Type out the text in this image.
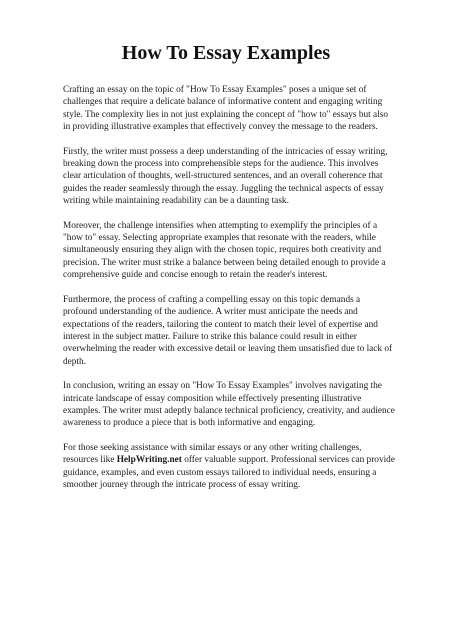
How To Essay Examples

Crafting an essay on the topic of "How To Essay Examples" poses a unique set of challenges that require a delicate balance of informative content and engaging writing style. The complexity lies in not just explaining the concept of "how to" essays but also in providing illustrative examples that effectively convey the message to the readers.

Firstly, the writer must possess a deep understanding of the intricacies of essay writing, breaking down the process into comprehensible steps for the audience. This involves clear articulation of thoughts, well-structured sentences, and an overall coherence that guides the reader seamlessly through the essay. Juggling the technical aspects of essay writing while maintaining readability can be a daunting task.

Moreover, the challenge intensifies when attempting to exemplify the principles of a "how to" essay. Selecting appropriate examples that resonate with the readers, while simultaneously ensuring they align with the chosen topic, requires both creativity and precision. The writer must strike a balance between being detailed enough to provide a comprehensive guide and concise enough to retain the reader's interest.

Furthermore, the process of crafting a compelling essay on this topic demands a profound understanding of the audience. A writer must anticipate the needs and expectations of the readers, tailoring the content to match their level of expertise and interest in the subject matter. Failure to strike this balance could result in either overwhelming the reader with excessive detail or leaving them unsatisfied due to lack of depth.

In conclusion, writing an essay on "How To Essay Examples" involves navigating the intricate landscape of essay composition while effectively presenting illustrative examples. The writer must adeptly balance technical proficiency, creativity, and audience awareness to produce a piece that is both informative and engaging.

For those seeking assistance with similar essays or any other writing challenges, resources like HelpWriting.net offer valuable support. Professional services can provide guidance, examples, and even custom essays tailored to individual needs, ensuring a smoother journey through the intricate process of essay writing.
